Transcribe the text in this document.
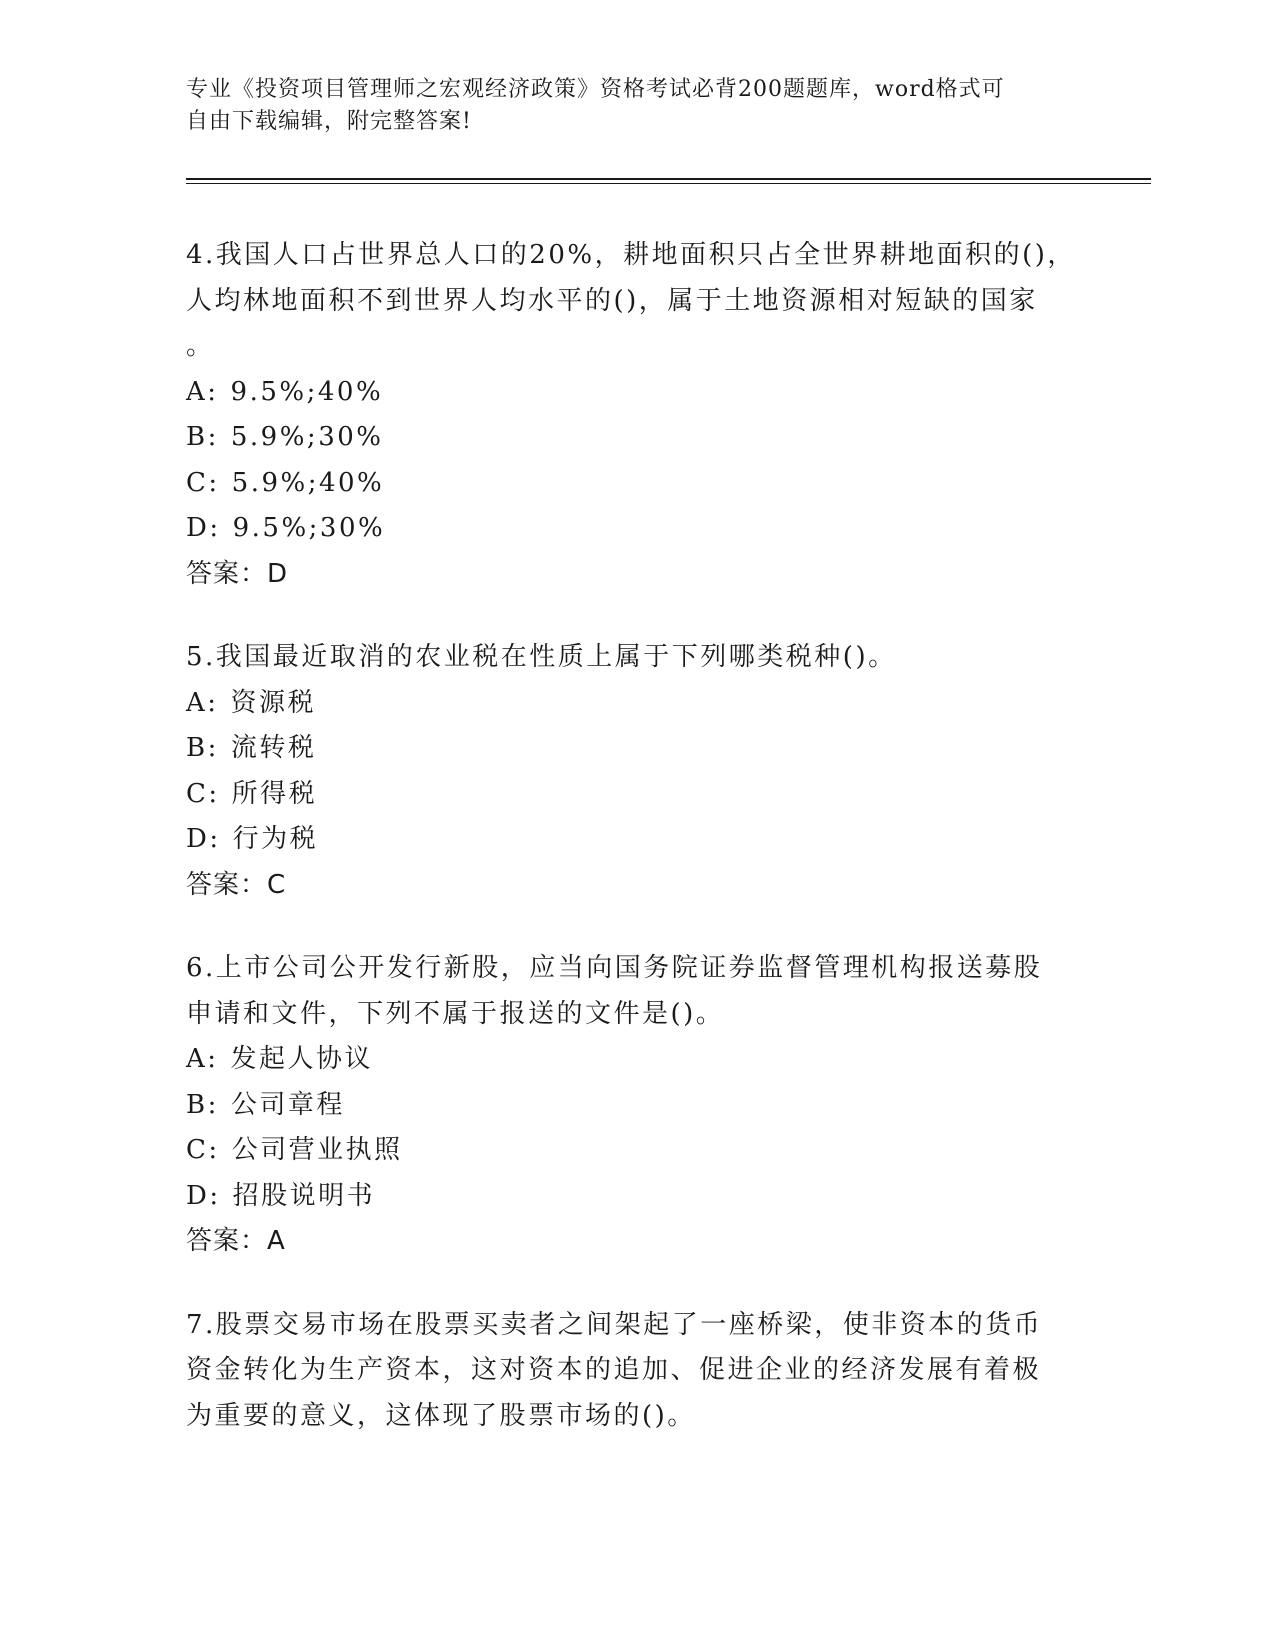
专业《投资项目管理师之宏观经济政策》资格考试必背200题题库，word格式可
自由下载编辑，附完整答案!
4.我国人口占世界总人口的20%，耕地面积只占全世界耕地面积的()，
人均林地面积不到世界人均水平的()，属于土地资源相对短缺的国家
。
A: 9.5%;40%
B: 5.9%;30%
C: 5.9%;40%
D: 9.5%;30%
答案：D
5.我国最近取消的农业税在性质上属于下列哪类税种()。
A: 资源税
B: 流转税
C: 所得税
D: 行为税
答案：C
6.上市公司公开发行新股，应当向国务院证券监督管理机构报送募股
申请和文件，下列不属于报送的文件是()。
A: 发起人协议
B: 公司章程
C: 公司营业执照
D: 招股说明书
答案：A
7.股票交易市场在股票买卖者之间架起了一座桥梁，使非资本的货币
资金转化为生产资本，这对资本的追加、促进企业的经济发展有着极
为重要的意义，这体现了股票市场的()。
